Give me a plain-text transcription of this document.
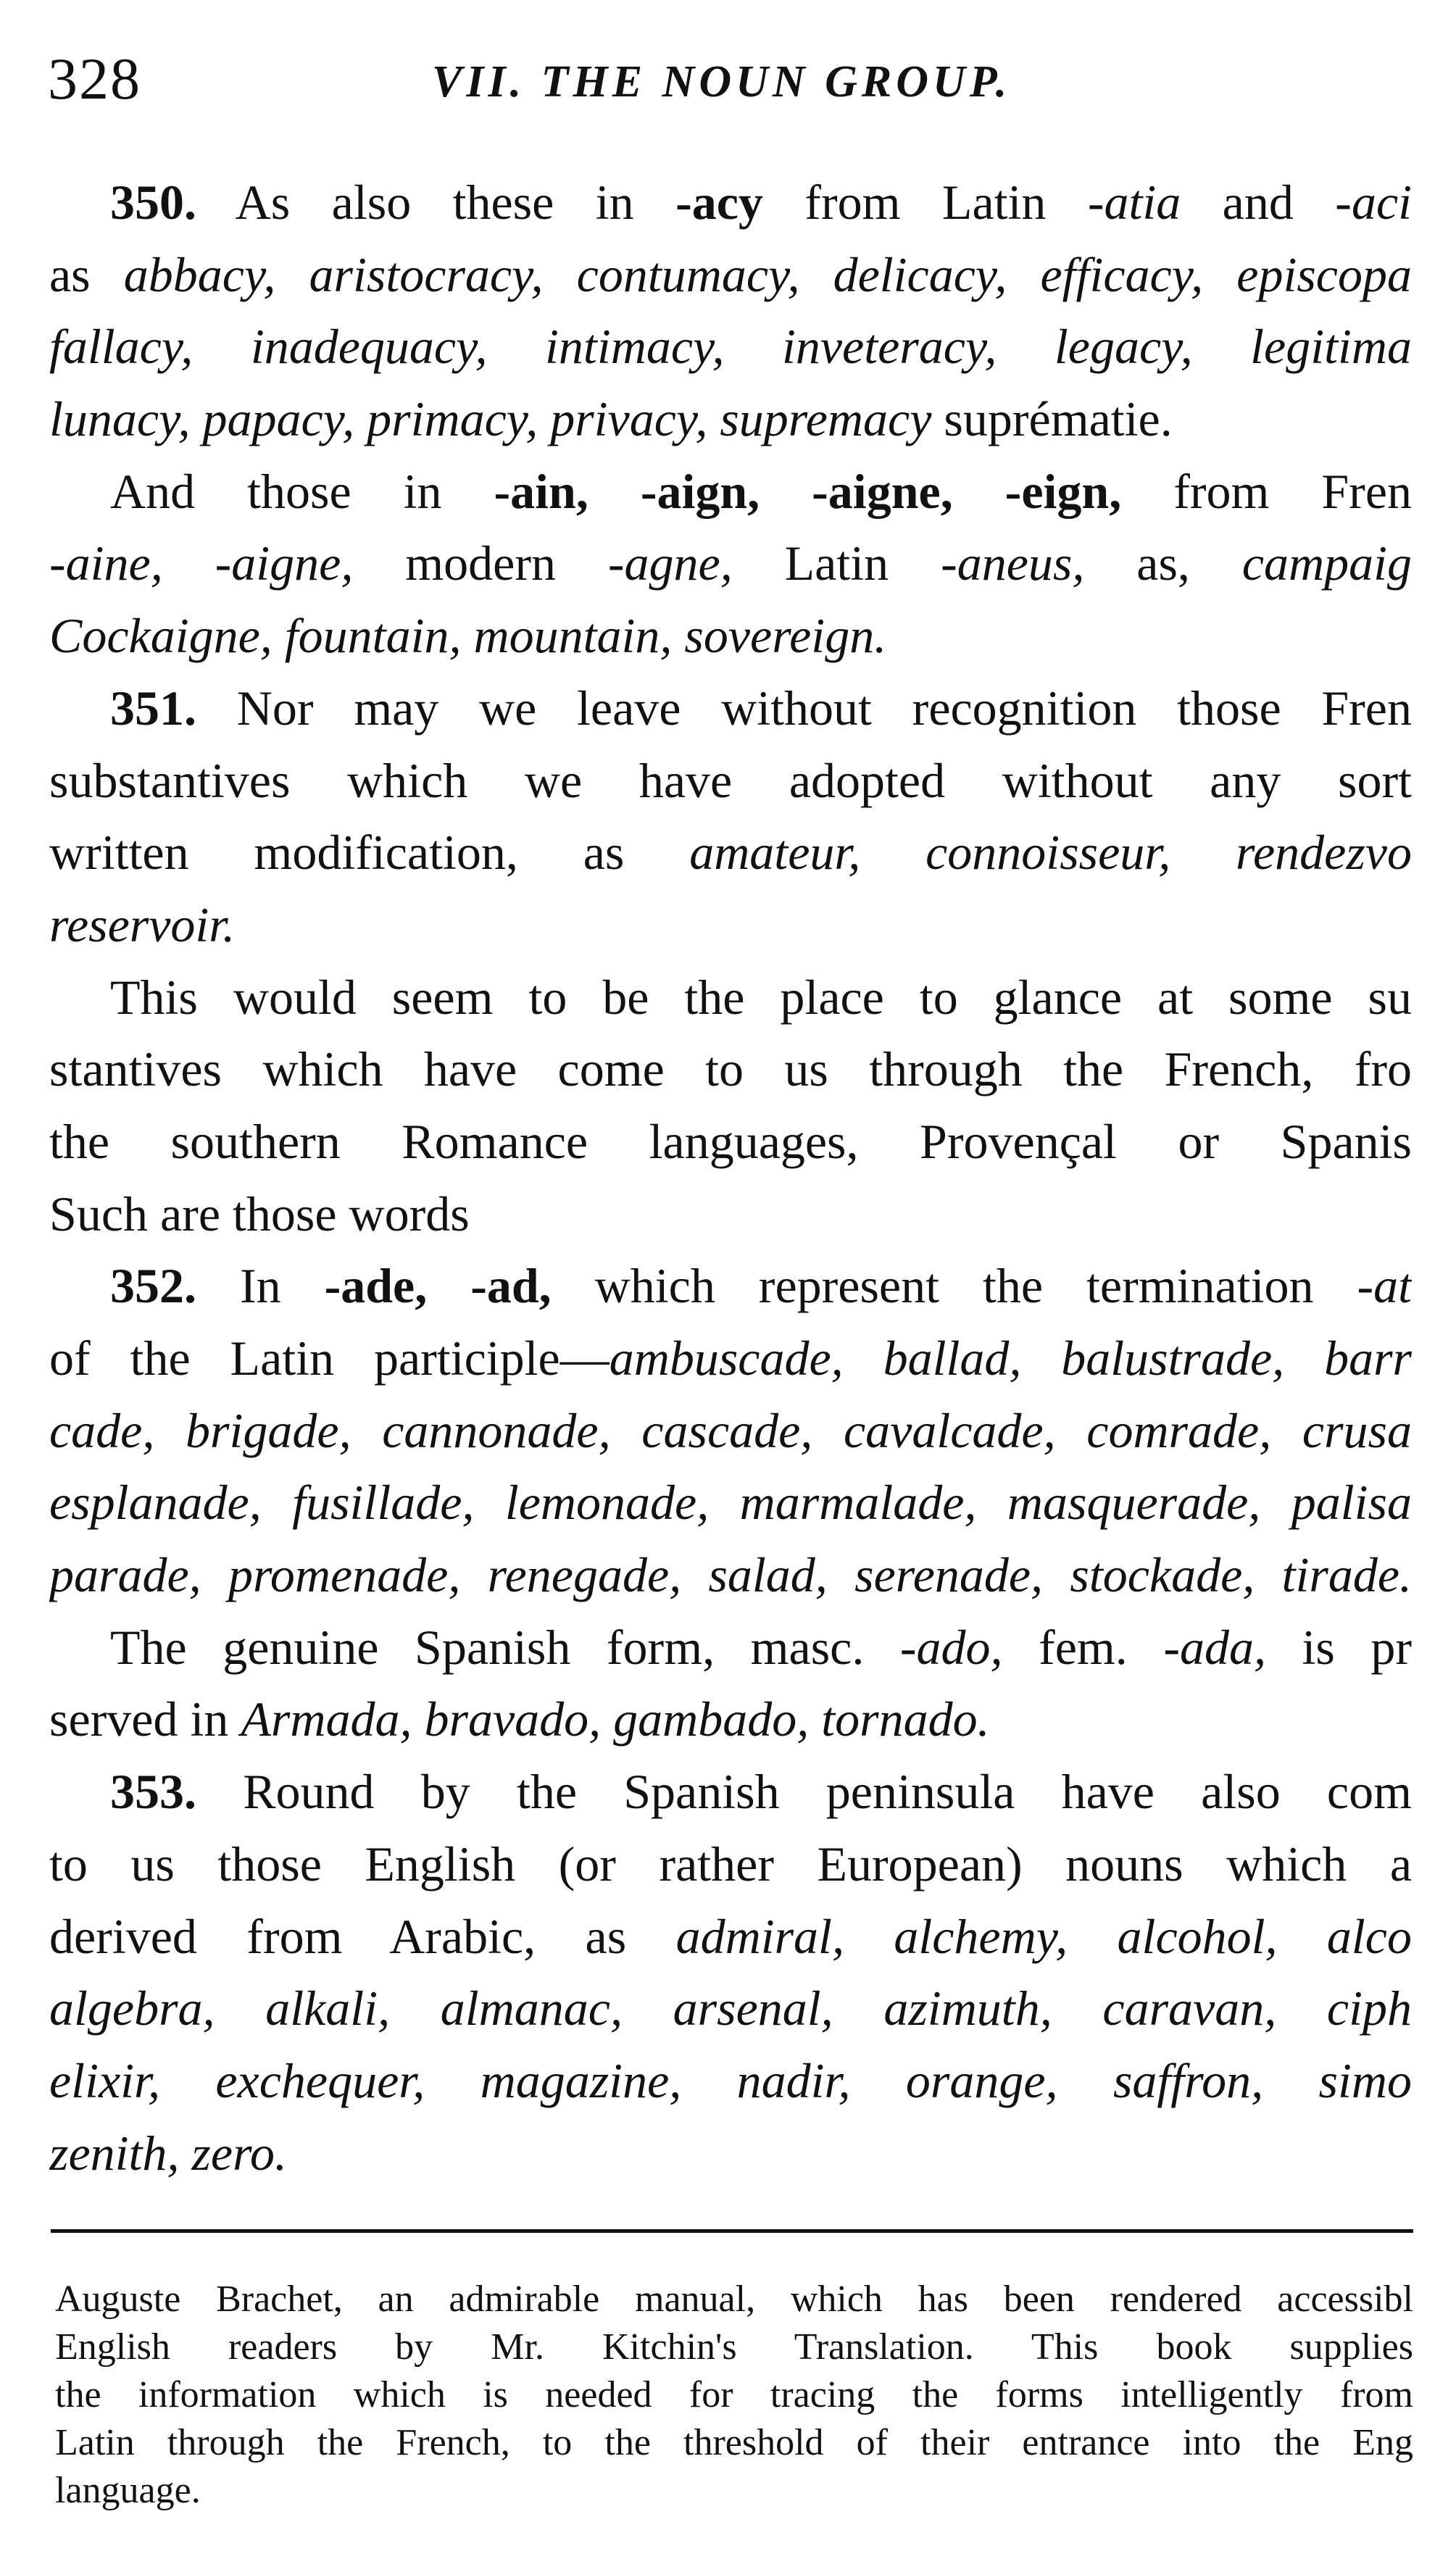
328	VII. THE NOUN GROUP.
350. As also these in -acy from Latin -atia and -aci
as abbacy, aristocracy, contumacy, delicacy, efficacy, episcopa
fallacy, inadequacy, intimacy, inveteracy, legacy, legitima
lunacy, papacy, primacy, privacy, supremacy suprématie.
And those in -ain, -aign, -aigne, -eign, from Fren
-aine, -aigne, modern -agne, Latin -aneus, as, campaig
Cockaigne, fountain, mountain, sovereign.
351. Nor may we leave without recognition those Fren
substantives which we have adopted without any sort
written modification, as amateur, connoisseur, rendezvo
reservoir.
This would seem to be the place to glance at some su
stantives which have come to us through the French, fro
the southern Romance languages, Provençal or Spanis
Such are those words
352. In -ade, -ad, which represent the termination -at
of the Latin participle—ambuscade, ballad, balustrade, barr
cade, brigade, cannonade, cascade, cavalcade, comrade, crusa
esplanade, fusillade, lemonade, marmalade, masquerade, palisa
parade, promenade, renegade, salad, serenade, stockade, tirade.
The genuine Spanish form, masc. -ado, fem. -ada, is pr
served in Armada, bravado, gambado, tornado.
353. Round by the Spanish peninsula have also com
to us those English (or rather European) nouns which a
derived from Arabic, as admiral, alchemy, alcohol, alco
algebra, alkali, almanac, arsenal, azimuth, caravan, ciph
elixir, exchequer, magazine, nadir, orange, saffron, simo
zenith, zero.
Auguste Brachet, an admirable manual, which has been rendered accessibl
English readers by Mr. Kitchin's Translation. This book supplies
the information which is needed for tracing the forms intelligently from
Latin through the French, to the threshold of their entrance into the Eng
language.
